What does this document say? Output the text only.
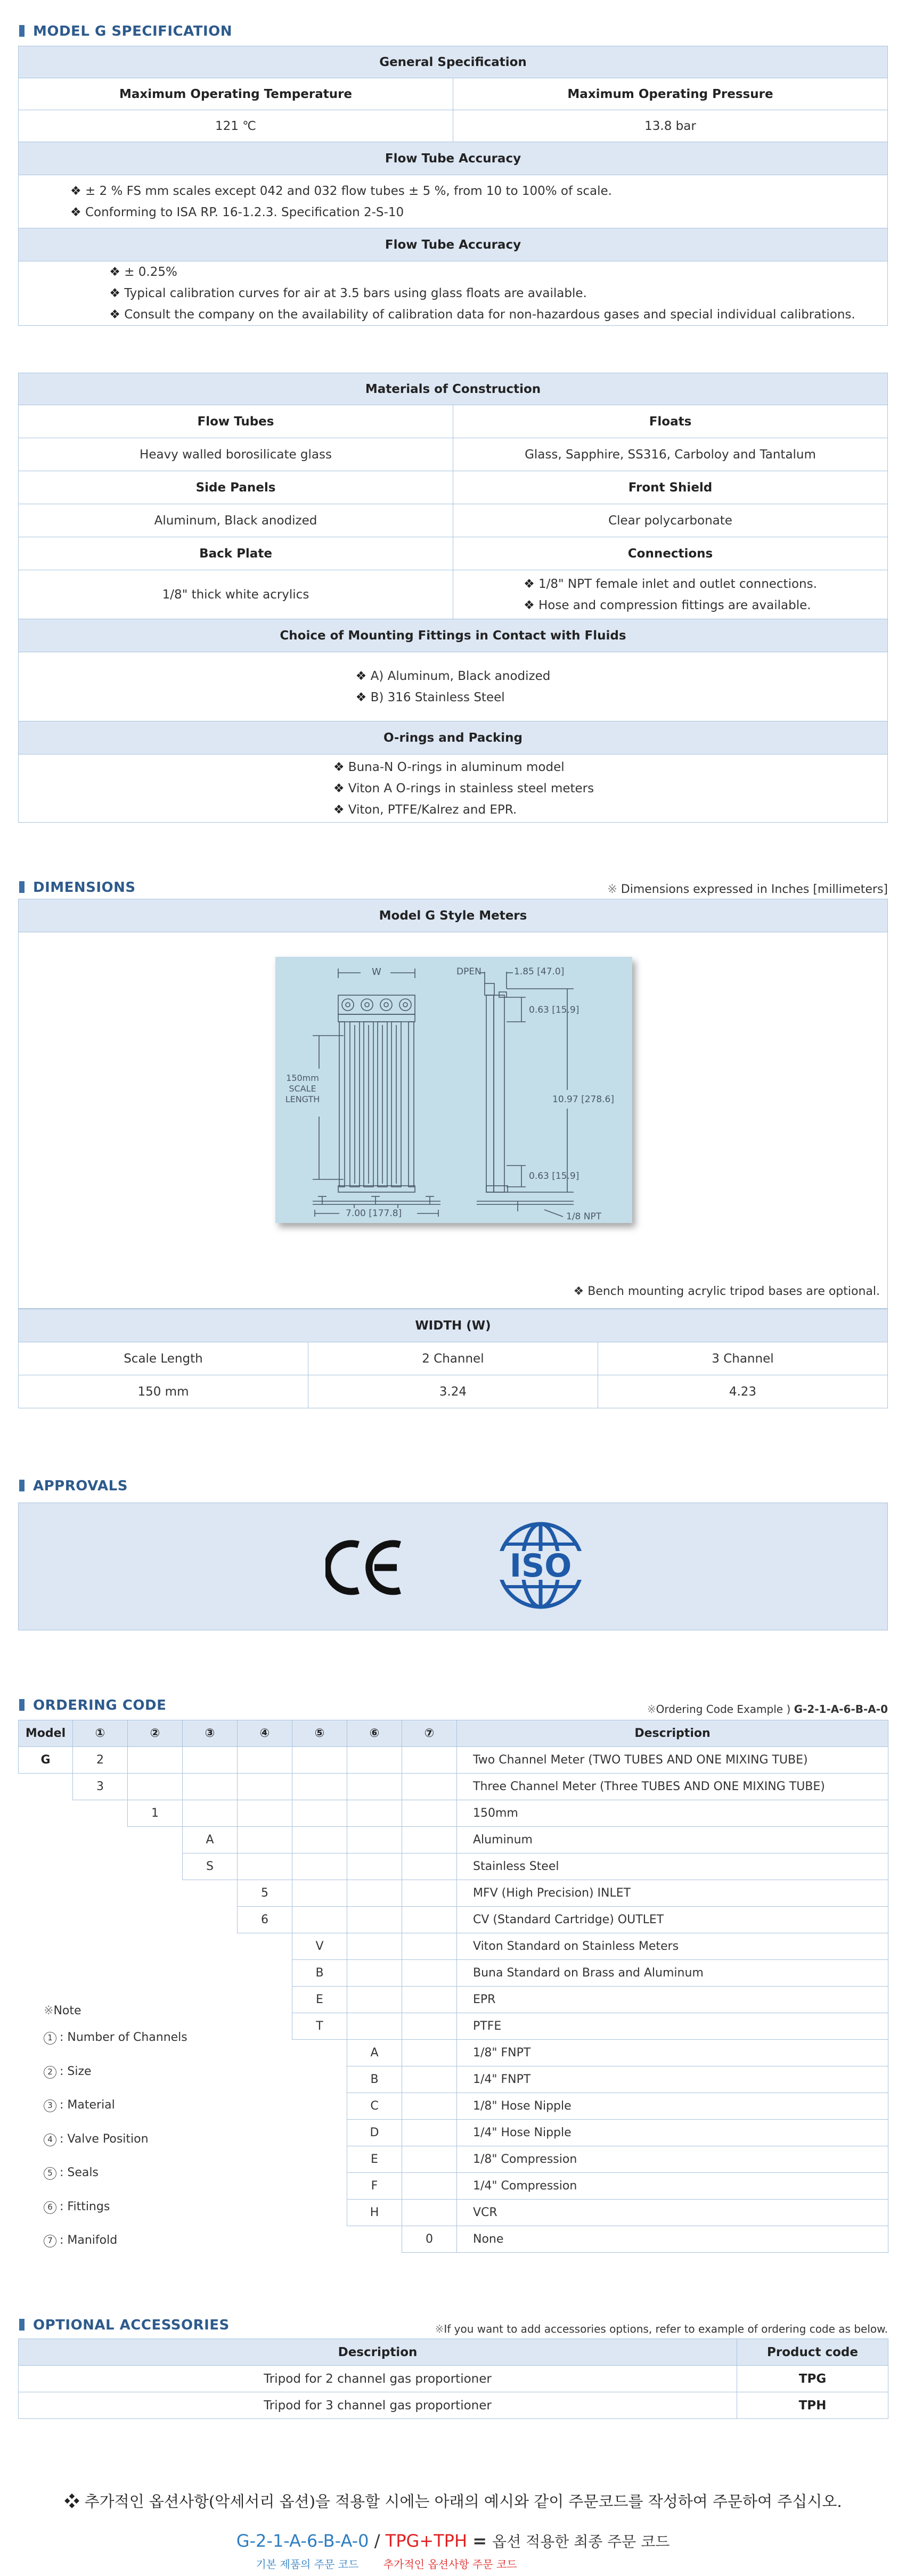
MODEL G SPECIFICATION
General Specification	
Maximum Operating Temperature	Maximum Operating Pressure
121 ℃	13.8 bar
Flow Tube Accuracy	

❖ ± 2 % FS mm scales except 042 and 032 flow tubes ± 5 %, from 10 to 100% of scale.
❖ Conforming to ISA RP. 16-1.2.3. Specification 2-S-10

Flow Tube Accuracy	

❖ ± 0.25%
❖ Typical calibration curves for air at 3.5 bars using glass floats are available.
❖ Consult the company on the availability of calibration data for non-hazardous gases and special individual calibrations.
Materials of Construction	
Flow Tubes	Floats
Heavy walled borosilicate glass	Glass, Sapphire, SS316, Carboloy and Tantalum
Side Panels	Front Shield
Aluminum, Black anodized	Clear polycarbonate
Back Plate	Connections
1/8" thick white acrylics	❖ 1/8" NPT female inlet and outlet connections.
❖ Hose and compression fittings are available.

Choice of Mounting Fittings in Contact with Fluids	

❖ A) Aluminum, Black anodized
❖ B) 316 Stainless Steel

O-rings and Packing	

❖ Buna-N O-rings in aluminum model
❖ Viton A O-rings in stainless steel meters
❖ Viton, PTFE/Kalrez and EPR.
DIMENSIONS	※ Dimensions expressed in Inches [millimeters]
Model G Style Meters
W	DPEN	1.85 [47.0]
0.63 [15.9]
10.97 [278.6]
0.63 [15.9]
150mm
SCALE
LENGTH
7.00 [177.8]	1/8 NPT
❖ Bench mounting acrylic tripod bases are optional.
WIDTH (W)		
Scale Length	2 Channel	3 Channel
150 mm	3.24	4.23
APPROVALS
ISO
ORDERING CODE	※Ordering Code Example ) G-2-1-A-6-B-A-0
Model	①	②	③	④	⑤	⑥	⑦	Description
G	2							Two Channel Meter (TWO TUBES AND ONE MIXING TUBE)
	3							Three Channel Meter (Three TUBES AND ONE MIXING TUBE)
		1						150mm
			A					Aluminum
			S					Stainless Steel
				5				MFV (High Precision) INLET
				6				CV (Standard Cartridge) OUTLET
					V			Viton Standard on Stainless Meters
					B			Buna Standard on Brass and Aluminum
					E			EPR
					T			PTFE
						A		1/8" FNPT
						B		1/4" FNPT
						C		1/8" Hose Nipple
						D		1/4" Hose Nipple
						E		1/8" Compression
						F		1/4" Compression
						H		VCR
							0	None
※Note
1 : Number of Channels
2 : Size
3 : Material
4 : Valve Position
5 : Seals
6 : Fittings
7 : Manifold
OPTIONAL ACCESSORIES	※If you want to add accessories options, refer to example of ordering code as below.
Description	Product code
Tripod for 2 channel gas proportioner	TPG
Tripod for 3 channel gas proportioner	TPH
❖ 추가적인 옵션사항(악세서리 옵션)을 적용할 시에는 아래의 예시와 같이 주문코드를 작성하여 주문하여 주십시오.
G-2-1-A-6-B-A-0 / TPG+TPH = 옵션 적용한 최종 주문 코드
기본 제품의 주문 코드 추가적인 옵션사항 주문 코드
